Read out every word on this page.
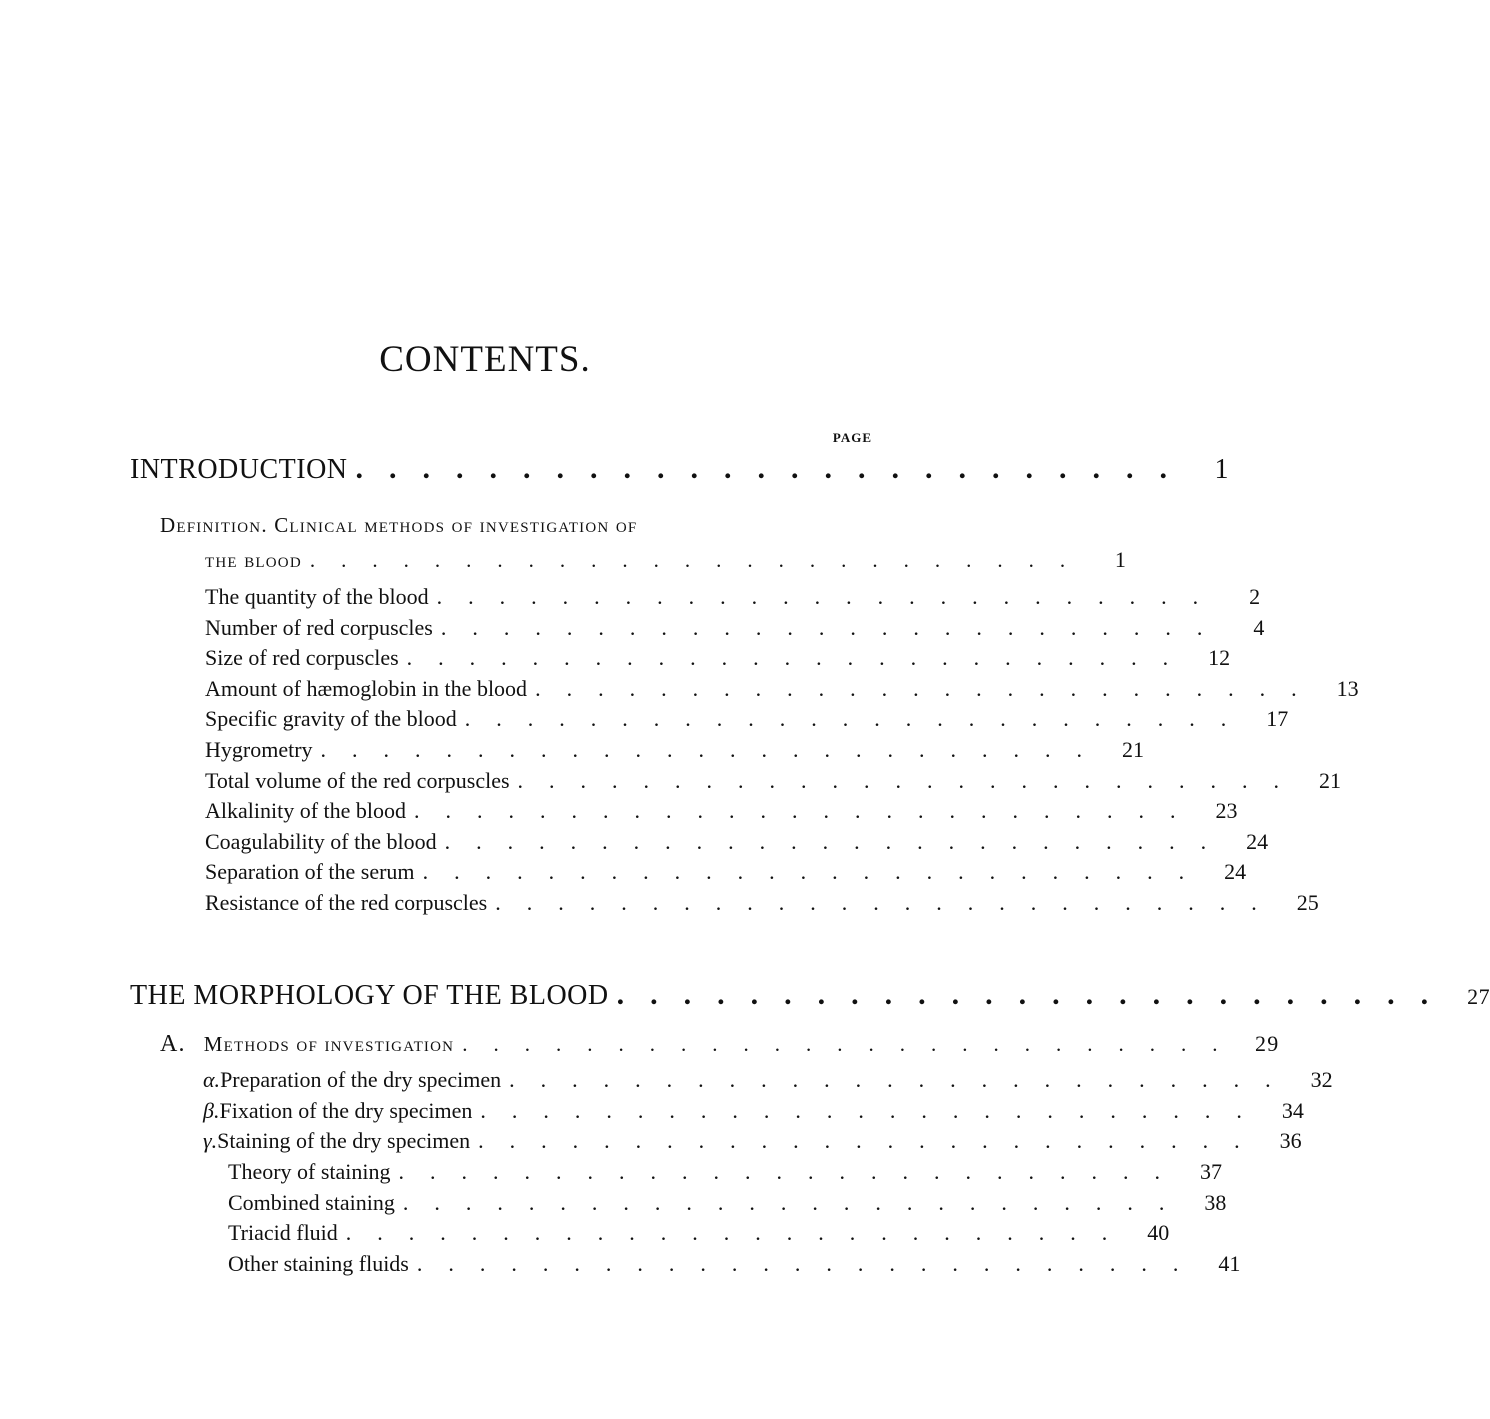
CONTENTS.
PAGE
INTRODUCTION ......................... 1
Definition. Clinical methods of investigation of
the blood .........................	1
The quantity of the blood .........................	2
Number of red corpuscles .........................	4
Size of red corpuscles ......................... 12
Amount of hæmoglobin in the blood ......................... 13
Specific gravity of the blood ......................... 17
Hygrometry ......................... 21
Total volume of the red corpuscles ......................... 21
Alkalinity of the blood ......................... 23
Coagulability of the blood ......................... 24
Separation of the serum ......................... 24
Resistance of the red corpuscles ......................... 25
THE MORPHOLOGY OF THE BLOOD ......................... 27
A. Methods of investigation ......................... 29
α. Preparation of the dry specimen ......................... 32
β. Fixation of the dry specimen ......................... 34
γ. Staining of the dry specimen ......................... 36
Theory of staining ......................... 37
Combined staining ......................... 38
Triacid fluid ......................... 40
Other staining fluids ......................... 41
